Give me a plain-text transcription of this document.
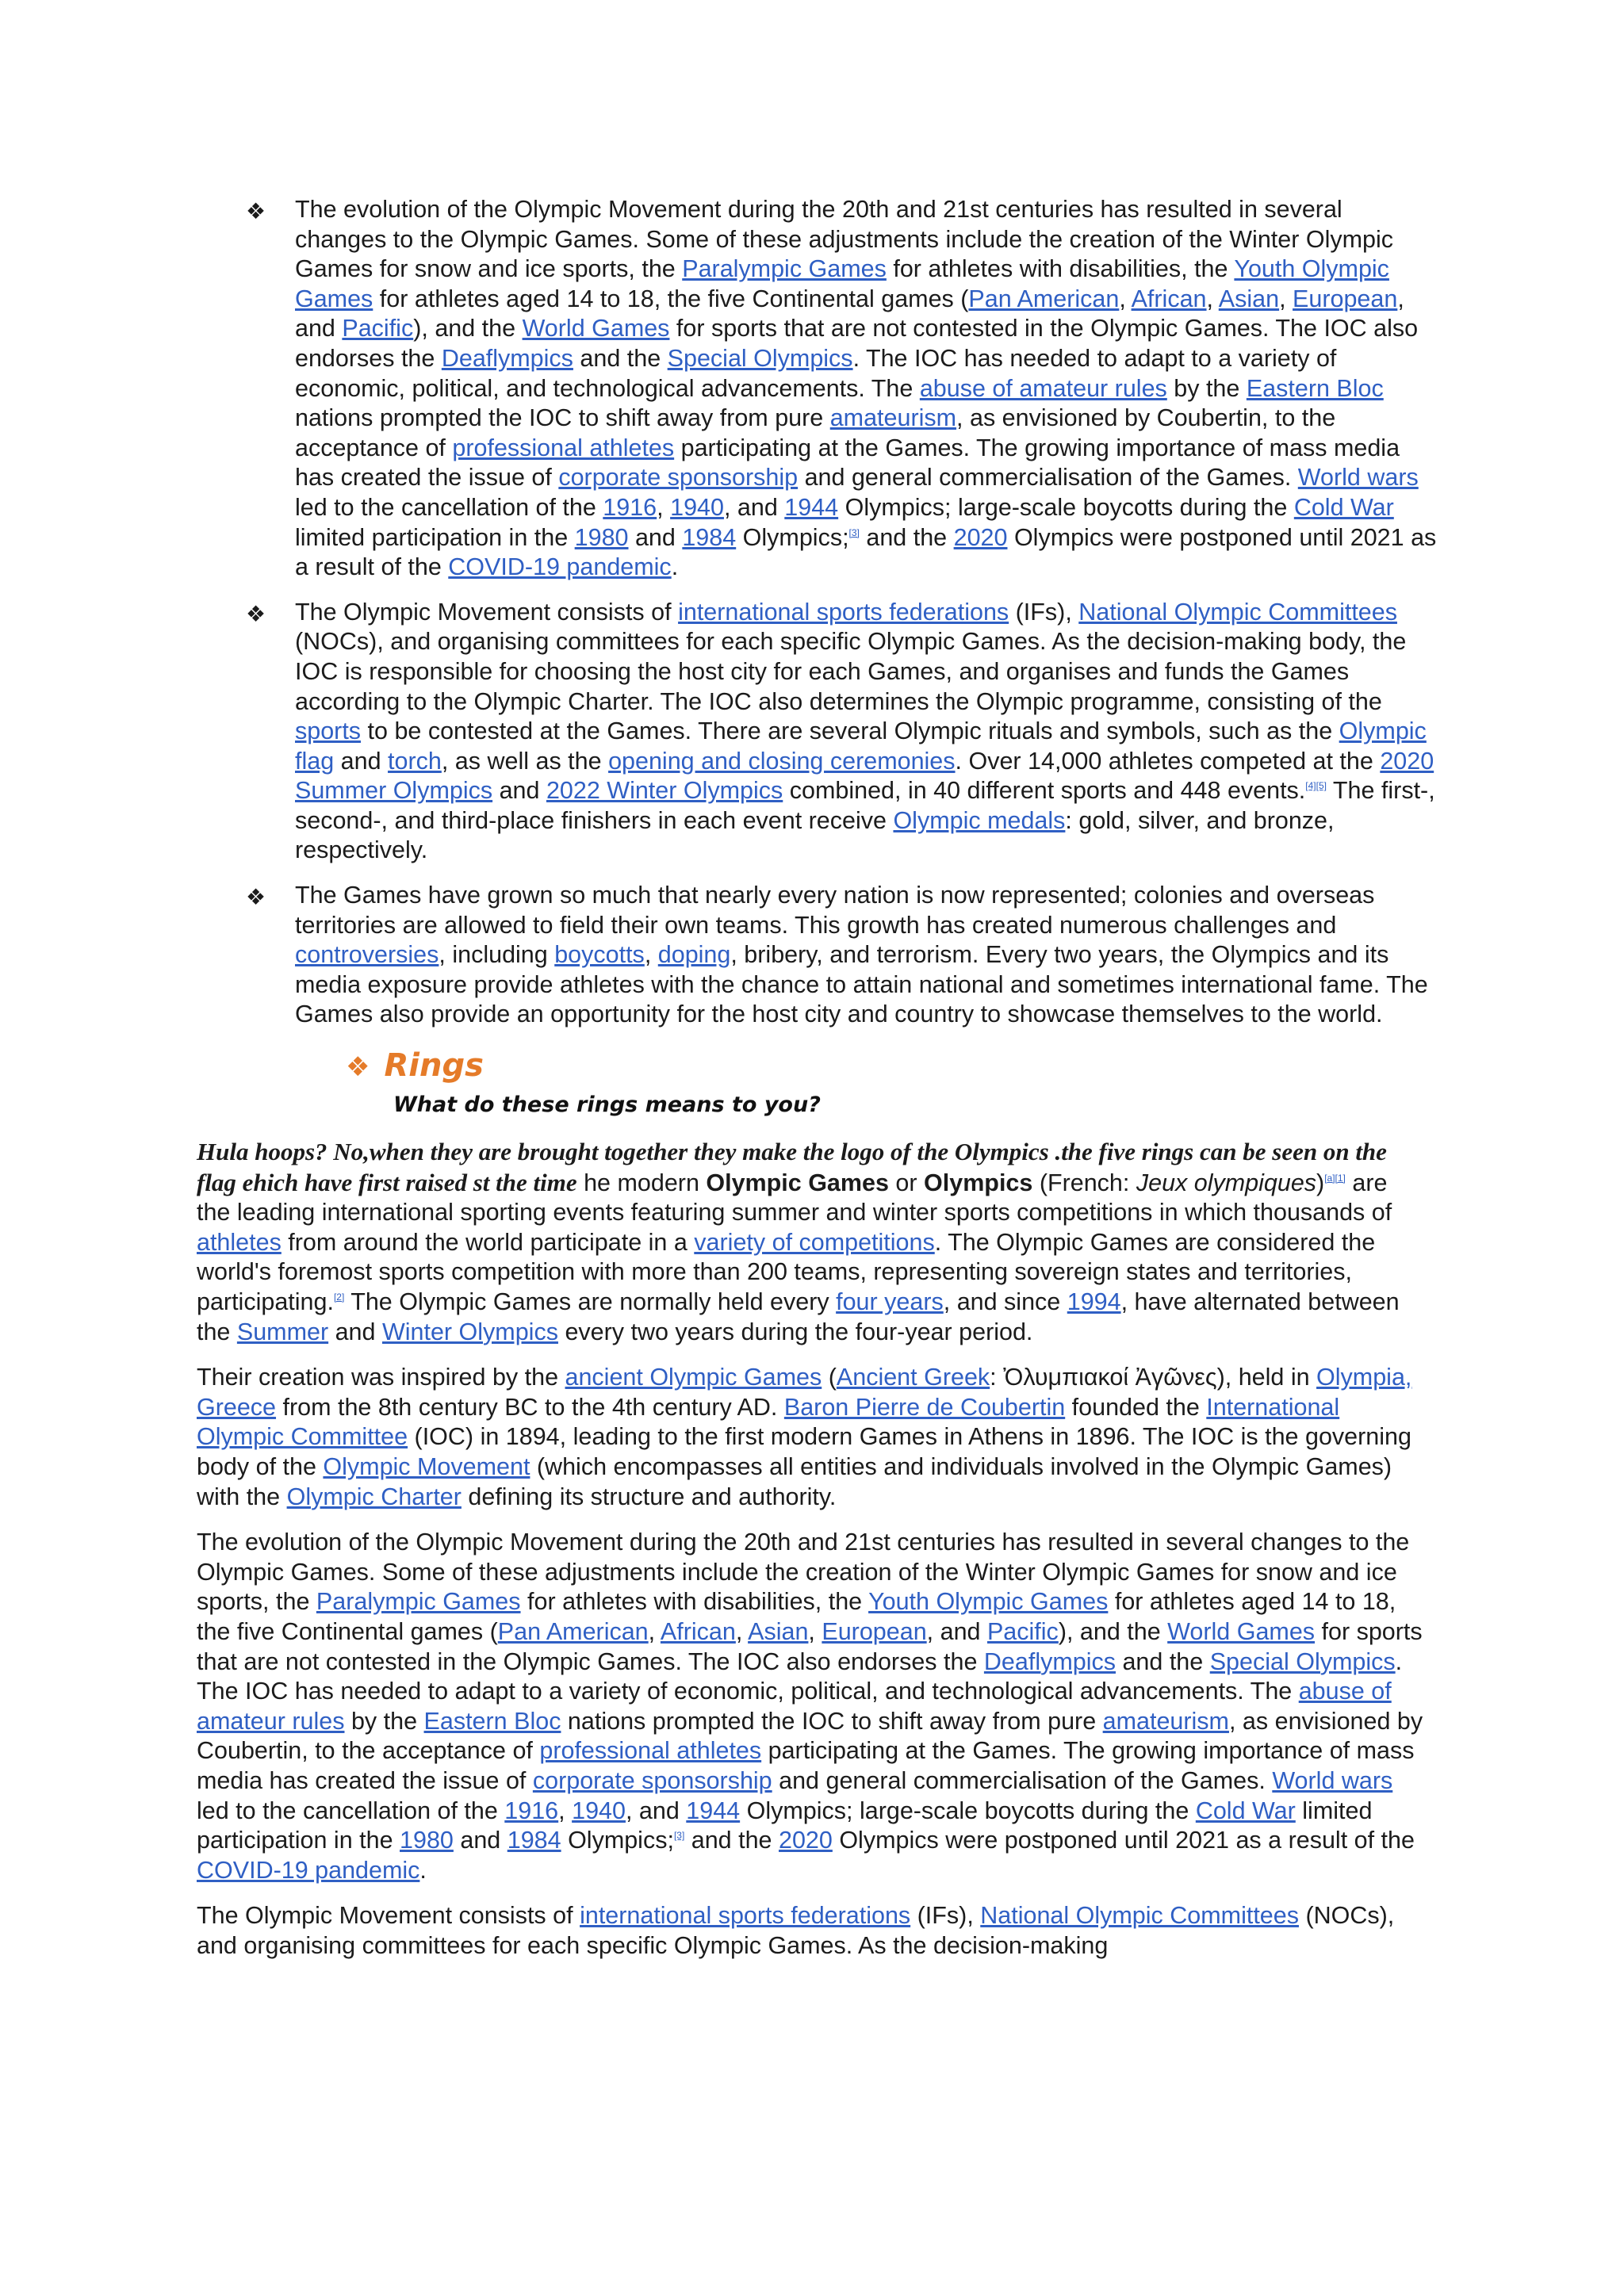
❖ The evolution of the Olympic Movement during the 20th and 21st centuries has resulted in several changes to the Olympic Games. Some of these adjustments include the creation of the Winter Olympic Games for snow and ice sports, the Paralympic Games for athletes with disabilities, the Youth Olympic Games for athletes aged 14 to 18, the five Continental games (Pan American, African, Asian, European, and Pacific), and the World Games for sports that are not contested in the Olympic Games. The IOC also endorses the Deaflympics and the Special Olympics. The IOC has needed to adapt to a variety of economic, political, and technological advancements. The abuse of amateur rules by the Eastern Bloc nations prompted the IOC to shift away from pure amateurism, as envisioned by Coubertin, to the acceptance of professional athletes participating at the Games. The growing importance of mass media has created the issue of corporate sponsorship and general commercialisation of the Games. World wars led to the cancellation of the 1916, 1940, and 1944 Olympics; large-scale boycotts during the Cold War limited participation in the 1980 and 1984 Olympics;[3] and the 2020 Olympics were postponed until 2021 as a result of the COVID-19 pandemic.
❖ The Olympic Movement consists of international sports federations (IFs), National Olympic Committees (NOCs), and organising committees for each specific Olympic Games. As the decision-making body, the IOC is responsible for choosing the host city for each Games, and organises and funds the Games according to the Olympic Charter. The IOC also determines the Olympic programme, consisting of the sports to be contested at the Games. There are several Olympic rituals and symbols, such as the Olympic flag and torch, as well as the opening and closing ceremonies. Over 14,000 athletes competed at the 2020 Summer Olympics and 2022 Winter Olympics combined, in 40 different sports and 448 events.[4][5] The first-, second-, and third-place finishers in each event receive Olympic medals: gold, silver, and bronze, respectively.
❖ The Games have grown so much that nearly every nation is now represented; colonies and overseas territories are allowed to field their own teams. This growth has created numerous challenges and controversies, including boycotts, doping, bribery, and terrorism. Every two years, the Olympics and its media exposure provide athletes with the chance to attain national and sometimes international fame. The Games also provide an opportunity for the host city and country to showcase themselves to the world.
❖ Rings
What do these rings means to you?

Hula hoops? No,when they are brought together they make the logo of the Olympics .the five rings can be seen on the flag ehich have first raised st the time he modern Olympic Games or Olympics (French: Jeux olympiques)[a][1] are the leading international sporting events featuring summer and winter sports competitions in which thousands of athletes from around the world participate in a variety of competitions. The Olympic Games are considered the world's foremost sports competition with more than 200 teams, representing sovereign states and territories, participating.[2] The Olympic Games are normally held every four years, and since 1994, have alternated between the Summer and Winter Olympics every two years during the four-year period.

Their creation was inspired by the ancient Olympic Games (Ancient Greek: Ὀλυμπιακοί Ἀγῶνες), held in Olympia, Greece from the 8th century BC to the 4th century AD. Baron Pierre de Coubertin founded the International Olympic Committee (IOC) in 1894, leading to the first modern Games in Athens in 1896. The IOC is the governing body of the Olympic Movement (which encompasses all entities and individuals involved in the Olympic Games) with the Olympic Charter defining its structure and authority.

The evolution of the Olympic Movement during the 20th and 21st centuries has resulted in several changes to the Olympic Games. Some of these adjustments include the creation of the Winter Olympic Games for snow and ice sports, the Paralympic Games for athletes with disabilities, the Youth Olympic Games for athletes aged 14 to 18, the five Continental games (Pan American, African, Asian, European, and Pacific), and the World Games for sports that are not contested in the Olympic Games. The IOC also endorses the Deaflympics and the Special Olympics. The IOC has needed to adapt to a variety of economic, political, and technological advancements. The abuse of amateur rules by the Eastern Bloc nations prompted the IOC to shift away from pure amateurism, as envisioned by Coubertin, to the acceptance of professional athletes participating at the Games. The growing importance of mass media has created the issue of corporate sponsorship and general commercialisation of the Games. World wars led to the cancellation of the 1916, 1940, and 1944 Olympics; large-scale boycotts during the Cold War limited participation in the 1980 and 1984 Olympics;[3] and the 2020 Olympics were postponed until 2021 as a result of the COVID-19 pandemic.

The Olympic Movement consists of international sports federations (IFs), National Olympic Committees (NOCs), and organising committees for each specific Olympic Games. As the decision-making
